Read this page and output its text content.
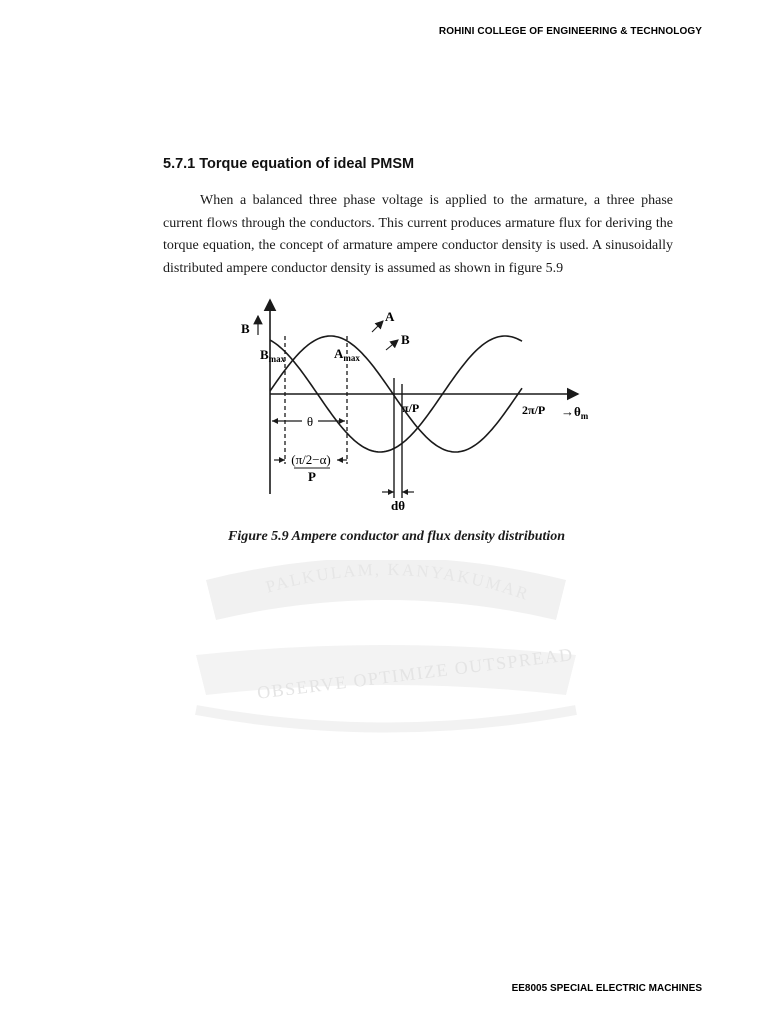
PALKULAM, KANYAKUMAR
OBSERVE OPTIMIZE OUTSPREAD
ROHINI COLLEGE OF ENGINEERING & TECHNOLOGY
5.7.1 Torque equation of ideal PMSM
When a balanced three phase voltage is applied to the armature, a three phase current flows through the conductors. This current produces armature flux for deriving the torque equation, the concept of armature ampere conductor density is used. A sinusoidally distributed ampere conductor density is assumed as shown in figure 5.9
θ
(π/2−α)
P
dθ
B
$B_{max}$	$A_{max}$
A
B
π/P	$2\pi/P \to\theta_m$
Figure 5.9 Ampere conductor and flux density distribution
EE8005 SPECIAL ELECTRIC MACHINES
